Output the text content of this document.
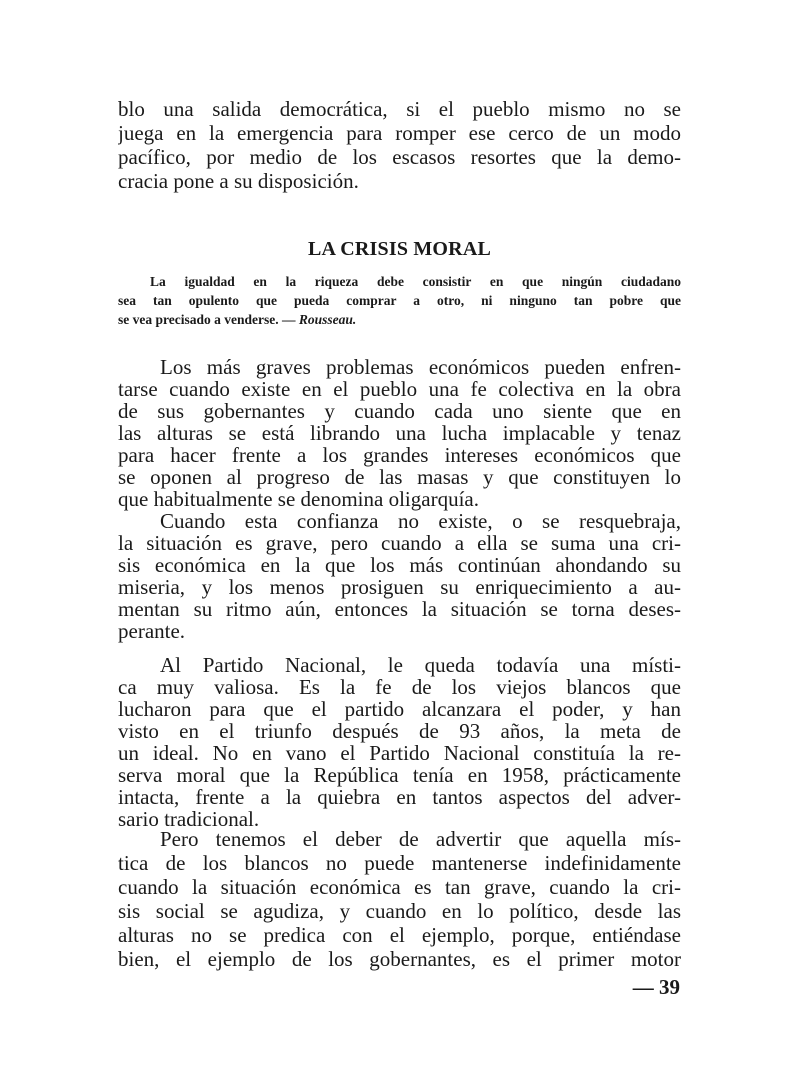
blo una salida democrática, si el pueblo mismo no se
juega en la emergencia para romper ese cerco de un modo
pacífico, por medio de los escasos resortes que la demo-
cracia pone a su disposición.
LA CRISIS MORAL
La igualdad en la riqueza debe consistir en que ningún ciudadano
sea tan opulento que pueda comprar a otro, ni ninguno tan pobre que
se vea precisado a venderse. — Rousseau.
Los más graves problemas económicos pueden enfren-
tarse cuando existe en el pueblo una fe colectiva en la obra
de sus gobernantes y cuando cada uno siente que en
las alturas se está librando una lucha implacable y tenaz
para hacer frente a los grandes intereses económicos que
se oponen al progreso de las masas y que constituyen lo
que habitualmente se denomina oligarquía.
Cuando esta confianza no existe, o se resquebraja,
la situación es grave, pero cuando a ella se suma una cri-
sis económica en la que los más continúan ahondando su
miseria, y los menos prosiguen su enriquecimiento a au-
mentan su ritmo aún, entonces la situación se torna deses-
perante.
Al Partido Nacional, le queda todavía una místi-
ca muy valiosa. Es la fe de los viejos blancos que
lucharon para que el partido alcanzara el poder, y han
visto en el triunfo después de 93 años, la meta de
un ideal. No en vano el Partido Nacional constituía la re-
serva moral que la República tenía en 1958, prácticamente
intacta, frente a la quiebra en tantos aspectos del adver-
sario tradicional.
Pero tenemos el deber de advertir que aquella mís-
tica de los blancos no puede mantenerse indefinidamente
cuando la situación económica es tan grave, cuando la cri-
sis social se agudiza, y cuando en lo político, desde las
alturas no se predica con el ejemplo, porque, entiéndase
— 39
bien, el ejemplo de los gobernantes, es el primer motor
